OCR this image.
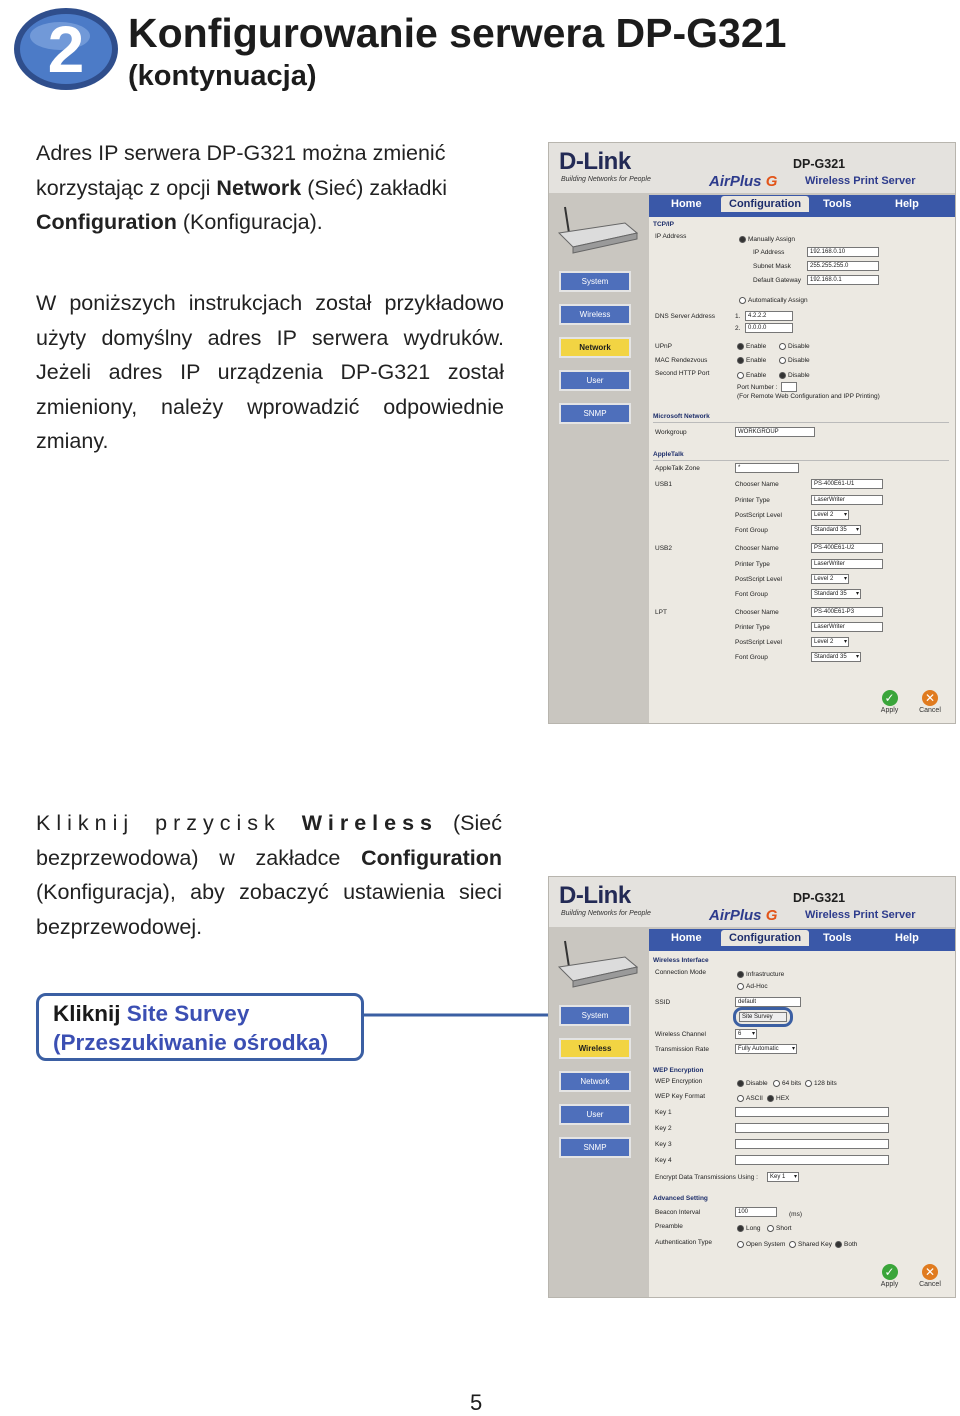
2	Konfigurowanie serwera DP-G321
(kontynuacja)
Adres IP serwera DP-G321 można zmienić korzystając z opcji Network (Sieć) zakładki Configuration (Konfiguracja).
W poniższych instrukcjach został przykładowo użyty domyślny adres IP serwera wydruków. Jeżeli adres IP urządzenia DP-G321 został zmieniony, należy wprowadzić odpowiednie zmiany.
D-Link
Building Networks for People
DP-G321
AirPlus G	Wireless Print Server
Home	Configuration	Tools	Help
System
Wireless
Network
User
SNMP
TCP/IP
IP Address	Manually Assign
IP Address	192.168.0.10
Subnet Mask	255.255.255.0
Default Gateway	192.168.0.1
Automatically Assign
DNS Server Address	1.	4.2.2.2
2.	0.0.0.0
UPnP	Enable	Disable
MAC Rendezvous	Enable	Disable
Second HTTP Port	Enable	Disable
Port Number :
(For Remote Web Configuration and IPP Printing)
Microsoft Network
Workgroup	WORKGROUP
AppleTalk
AppleTalk Zone	*
USB1	Chooser Name	PS-400E61-U1
Printer Type	LaserWriter
PostScript Level	Level 2 ▾
Font Group	Standard 35 ▾
USB2	Chooser Name	PS-400E61-U2
Printer Type	LaserWriter
PostScript Level	Level 2 ▾
Font Group	Standard 35 ▾
LPT	Chooser Name	PS-400E61-P3
Printer Type	LaserWriter
PostScript Level	Level 2 ▾
Font Group	Standard 35 ▾
✓
Apply
✕
Cancel
Kliknij przycisk Wireless (Sieć bezprzewodowa) w zakładce Configuration (Konfiguracja), aby zobaczyć ustawienia sieci bezprzewodowej.
Kliknij Site Survey
(Przeszukiwanie ośrodka)
D-Link
Building Networks for People
DP-G321
AirPlus G	Wireless Print Server
Home	Configuration	Tools	Help
System
Wireless
Network
User
SNMP
Wireless Interface
Connection Mode	Infrastructure
Ad-Hoc
SSID	default
Site Survey
Wireless Channel	6 ▾
Transmission Rate	Fully Automatic ▾
WEP Encryption
WEP Encryption	Disable	64 bits	128 bits
WEP Key Format	ASCII	HEX
Key 1
Key 2
Key 3
Key 4
Encrypt Data Transmissions Using :	Key 1 ▾
Advanced Setting
Beacon Interval	100	(ms)
Preamble	Long	Short
Authentication Type	Open System	Shared Key	Both
✓
Apply
✕
Cancel
5
